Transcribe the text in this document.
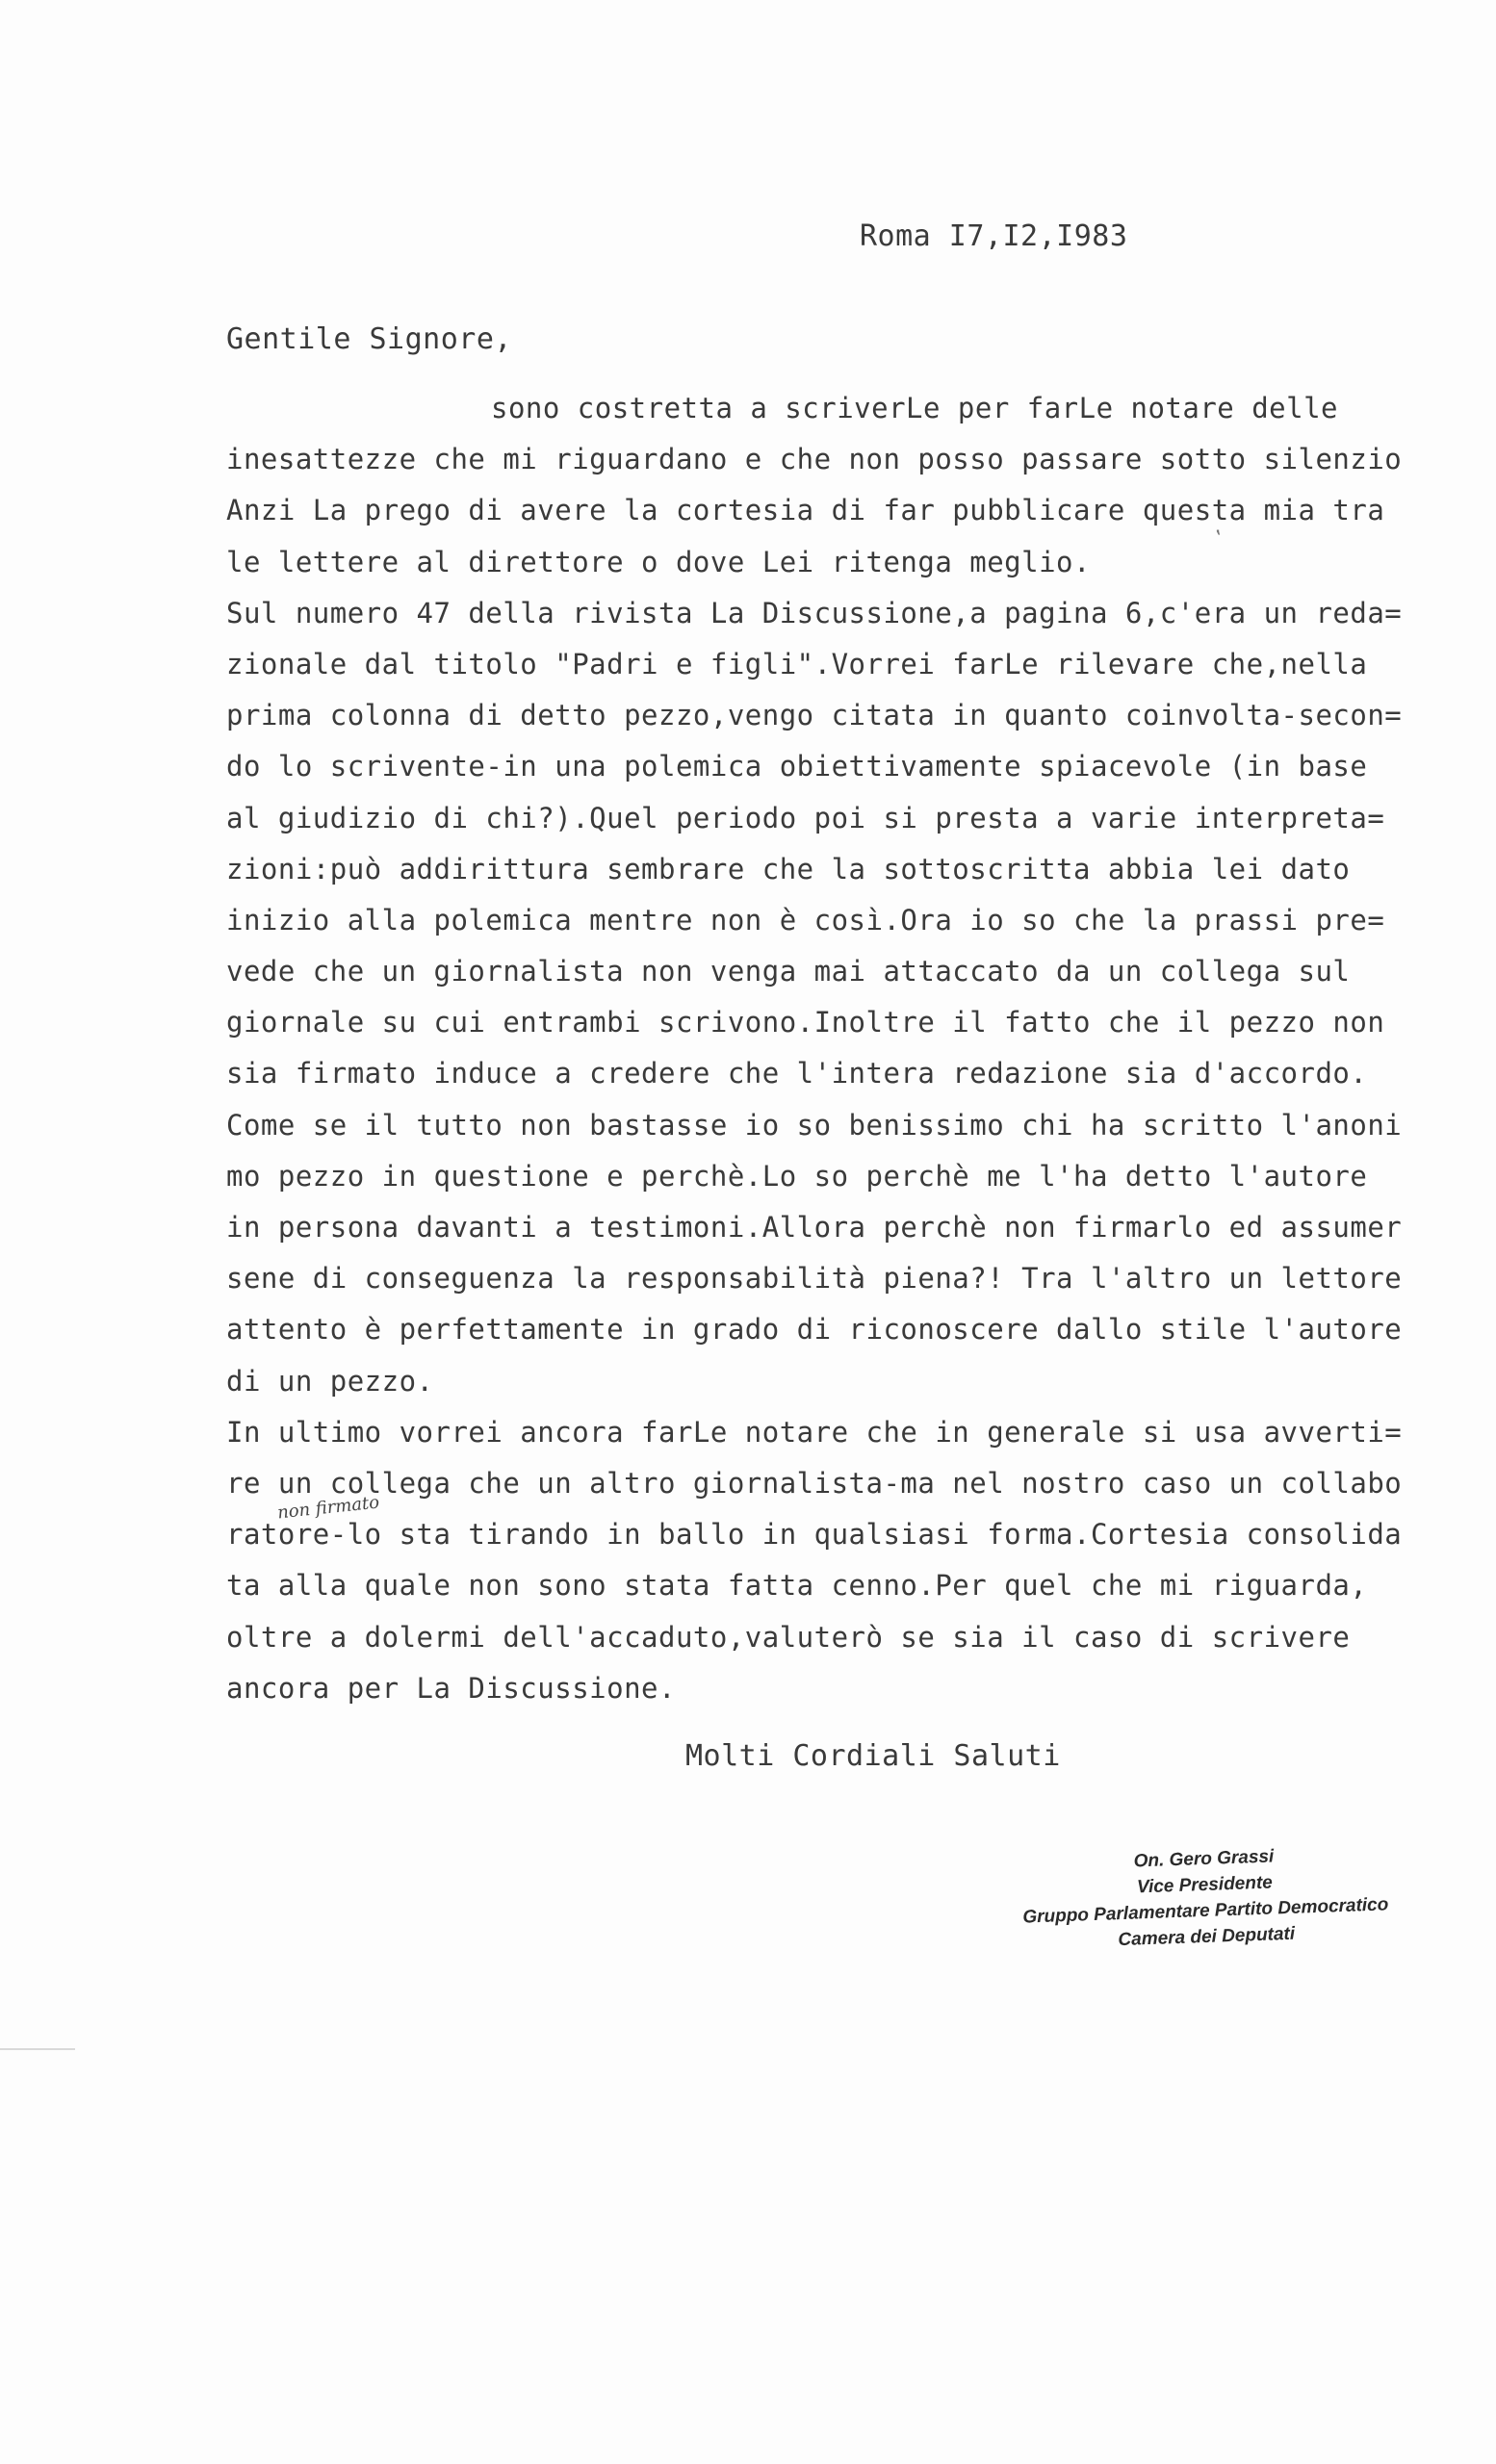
Roma I7,I2,I983
Gentile Signore,
sono costretta a scriverLe per farLe notare delle
inesattezze che mi riguardano e che non posso passare sotto silenzio
Anzi La prego di avere la cortesia di far pubblicare questa mia tra
le lettere al direttore o dove Lei ritenga meglio.
Sul numero 47 della rivista La Discussione,a pagina 6,c'era un reda=
zionale dal titolo "Padri e figli".Vorrei farLe rilevare che,nella
prima colonna di detto pezzo,vengo citata in quanto coinvolta-secon=
do lo scrivente-in una polemica obiettivamente spiacevole (in base
al giudizio di chi?).Quel periodo poi si presta a varie interpreta=
zioni:può addirittura sembrare che la sottoscritta abbia lei dato
inizio alla polemica mentre non è così.Ora io so che la prassi pre=
vede che un giornalista non venga mai attaccato da un collega sul
giornale su cui entrambi scrivono.Inoltre il fatto che il pezzo non
sia firmato induce a credere che l'intera redazione sia d'accordo.
Come se il tutto non bastasse io so benissimo chi ha scritto l'anoni
mo pezzo in questione e perchè.Lo so perchè me l'ha detto l'autore
in persona davanti a testimoni.Allora perchè non firmarlo ed assumer
sene di conseguenza la responsabilità piena?! Tra l'altro un lettore
attento è perfettamente in grado di riconoscere dallo stile l'autore
di un pezzo.
In ultimo vorrei ancora farLe notare che in generale si usa avverti=
re un collega che un altro giornalista-ma nel nostro caso un collabo
ratore-lo sta tirando in ballo in qualsiasi forma.Cortesia consolida
ta alla quale non sono stata fatta cenno.Per quel che mi riguarda,
oltre a dolermi dell'accaduto,valuterò se sia il caso di scrivere
ancora per La Discussione.
non firmato
‛
Molti Cordiali Saluti
On. Gero Grassi
Vice Presidente
Gruppo Parlamentare Partito Democratico
Camera dei Deputati
